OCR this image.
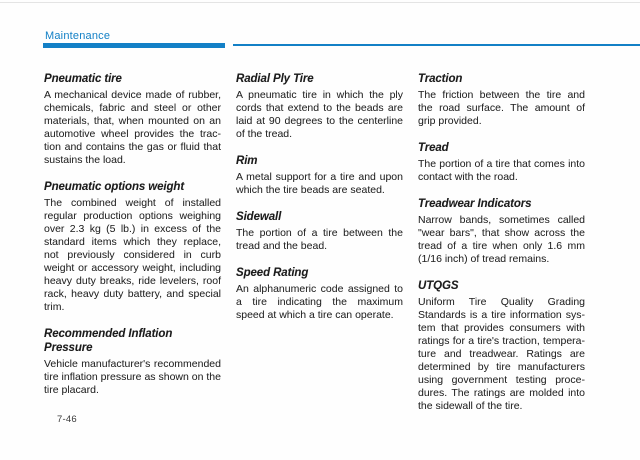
Maintenance
Pneumatic tire

A mechanical device made of rubber, chemicals, fabric and steel or other materials, that, when mounted on an automotive wheel provides the traction and contains the gas or fluid that sustains the load.

Pneumatic options weight

The combined weight of installed regular production options weighing over 2.3 kg (5 lb.) in excess of the standard items which they replace, not previously considered in curb weight or accessory weight, including heavy duty breaks, ride levelers, roof rack, heavy duty battery, and special trim.

Recommended Inflation Pressure

Vehicle manufacturer's recommended tire inflation pressure as shown on the tire placard.

Radial Ply Tire

A pneumatic tire in which the ply cords that extend to the beads are laid at 90 degrees to the centerline of the tread.

Rim

A metal support for a tire and upon which the tire beads are seated.

Sidewall

The portion of a tire between the tread and the bead.

Speed Rating

An alphanumeric code assigned to a tire indicating the maximum speed at which a tire can operate.

Traction

The friction between the tire and the road surface. The amount of grip provided.

Tread

The portion of a tire that comes into contact with the road.

Treadwear Indicators

Narrow bands, sometimes called "wear bars", that show across the tread of a tire when only 1.6 mm (1/16 inch) of tread remains.

UTQGS

Uniform Tire Quality Grading Standards is a tire information system that provides consumers with ratings for a tire's traction, temperature and treadwear. Ratings are determined by tire manufacturers using government testing procedures. The ratings are molded into the sidewall of the tire.

7-46
